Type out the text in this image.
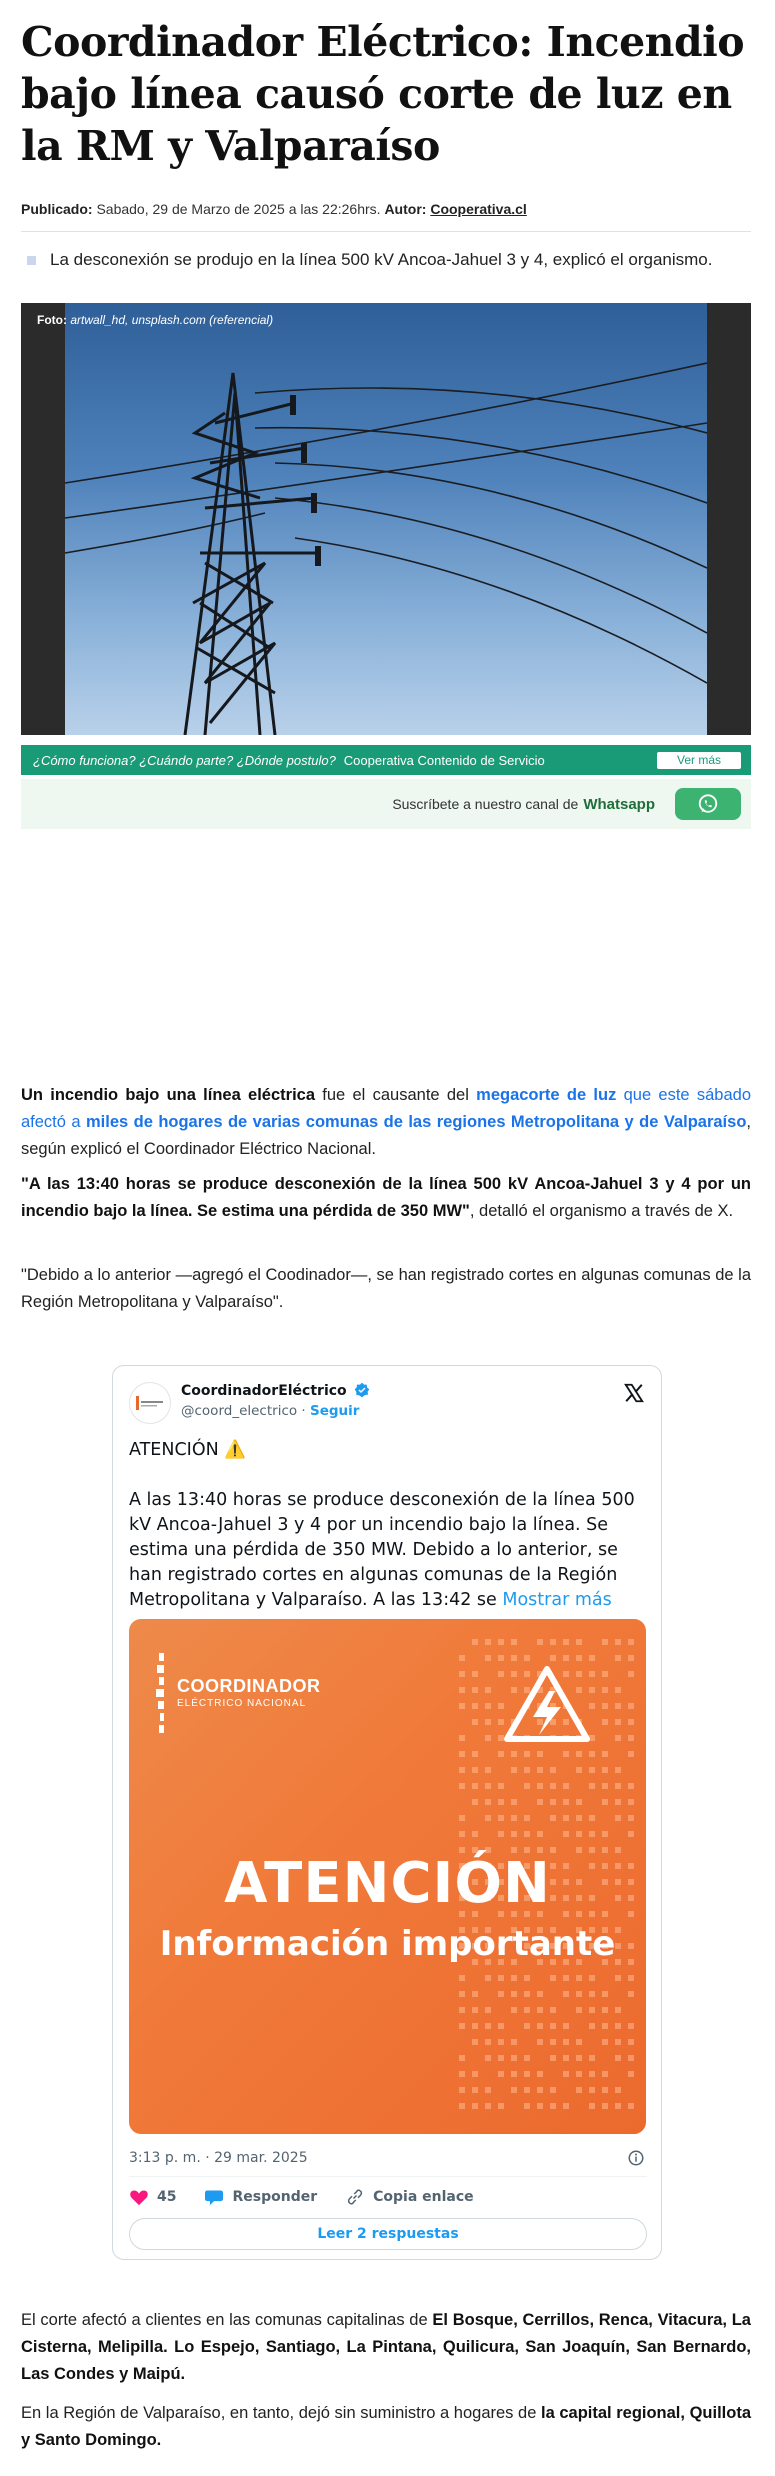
Coordinador Eléctrico: Incendio bajo línea causó corte de luz en la RM y Valparaíso
Publicado: Sabado, 29 de Marzo de 2025 a las 22:26hrs. Autor: Cooperativa.cl
La desconexión se produjo en la línea 500 kV Ancoa-Jahuel 3 y 4, explicó el organismo.
Foto: artwall_hd, unsplash.com (referencial)
¿Cómo funciona? ¿Cuándo parte? ¿Dónde postulo? Cooperativa Contenido de Servicio	Ver más
Suscríbete a nuestro canal de Whatsapp

Un incendio bajo una línea eléctrica fue el causante del megacorte de luz que este sábado afectó a miles de hogares de varias comunas de las regiones Metropolitana y de Valparaíso, según explicó el Coordinador Eléctrico Nacional.

"A las 13:40 horas se produce desconexión de la línea 500 kV Ancoa-Jahuel 3 y 4 por un incendio bajo la línea. Se estima una pérdida de 350 MW", detalló el organismo a través de X.

"Debido a lo anterior —agregó el Coodinador—, se han registrado cortes en algunas comunas de la Región Metropolitana y Valparaíso".

CoordinadorEléctrico
@coord_electrico · Seguir
ATENCIÓN ⚠️
A las 13:40 horas se produce desconexión de la línea 500 kV Ancoa-Jahuel 3 y 4 por un incendio bajo la línea. Se estima una pérdida de 350 MW. Debido a lo anterior, se han registrado cortes en algunas comunas de la Región Metropolitana y Valparaíso. A las 13:42 se Mostrar más
COORDINADOR
ELÉCTRICO NACIONAL
ATENCIÓN
Información importante
3:13 p. m. · 29 mar. 2025
45	Responder	Copia enlace
Leer 2 respuestas

El corte afectó a clientes en las comunas capitalinas de El Bosque, Cerrillos, Renca, Vitacura, La Cisterna, Melipilla. Lo Espejo, Santiago, La Pintana, Quilicura, San Joaquín, San Bernardo, Las Condes y Maipú.

En la Región de Valparaíso, en tanto, dejó sin suministro a hogares de la capital regional, Quillota y Santo Domingo.
